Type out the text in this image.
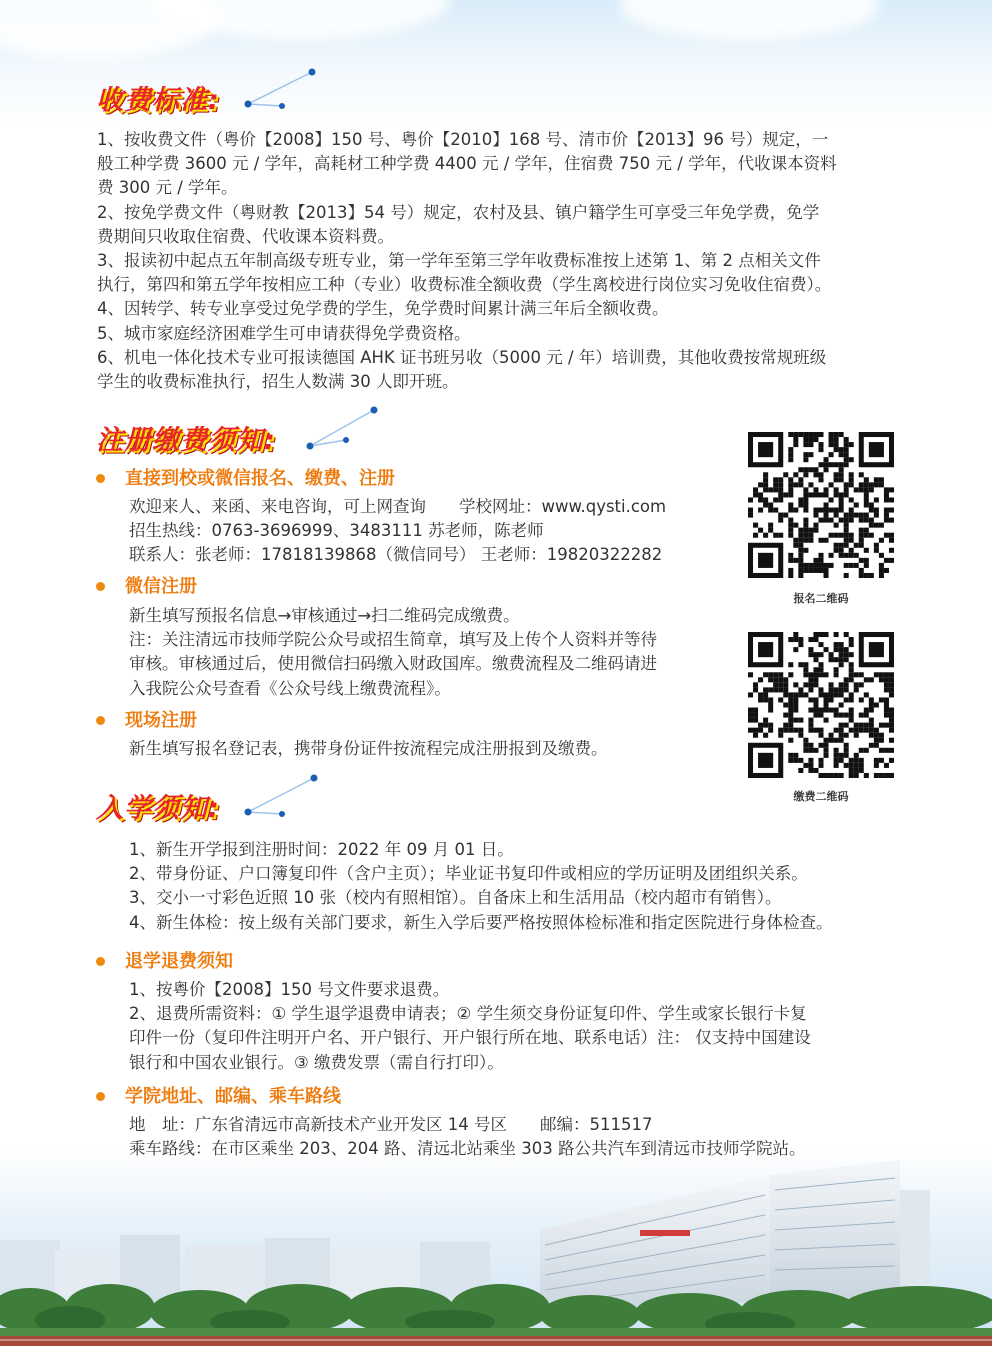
收费标准:

1、按收费文件（粤价【2008】150 号、粤价【2010】168 号、清市价【2013】96 号）规定，一

般工种学费 3600 元 / 学年，高耗材工种学费 4400 元 / 学年，住宿费 750 元 / 学年，代收课本资料

费 300 元 / 学年。

2、按免学费文件（粤财教【2013】54 号）规定，农村及县、镇户籍学生可享受三年免学费，免学

费期间只收取住宿费、代收课本资料费。

3、报读初中起点五年制高级专班专业，第一学年至第三学年收费标准按上述第 1、第 2 点相关文件

执行，第四和第五学年按相应工种（专业）收费标准全额收费（学生离校进行岗位实习免收住宿费）。

4、因转学、转专业享受过免学费的学生，免学费时间累计满三年后全额收费。

5、城市家庭经济困难学生可申请获得免学费资格。

6、机电一体化技术专业可报读德国 AHK 证书班另收（5000 元 / 年）培训费，其他收费按常规班级

学生的收费标准执行，招生人数满 30 人即开班。

注册缴费须知:
直接到校或微信报名、缴费、注册

欢迎来人、来函、来电咨询，可上网查询　　学校网址：www.qysti.com

招生热线：0763-3696999、3483111 苏老师，陈老师

联系人：张老师：17818139868（微信同号） 王老师：19820322282

微信注册

新生填写预报名信息→审核通过→扫二维码完成缴费。

注：关注清远市技师学院公众号或招生简章，填写及上传个人资料并等待

审核。审核通过后，使用微信扫码缴入财政国库。缴费流程及二维码请进

入我院公众号查看《公众号线上缴费流程》。

现场注册

新生填写报名登记表，携带身份证件按流程完成注册报到及缴费。

报名二维码
缴费二维码
入学须知:

1、新生开学报到注册时间：2022 年 09 月 01 日。

2、带身份证、户口簿复印件（含户主页）；毕业证书复印件或相应的学历证明及团组织关系。

3、交小一寸彩色近照 10 张（校内有照相馆）。自备床上和生活用品（校内超市有销售）。

4、新生体检：按上级有关部门要求，新生入学后要严格按照体检标准和指定医院进行身体检查。

退学退费须知

1、按粤价【2008】150 号文件要求退费。

2、退费所需资料：① 学生退学退费申请表；② 学生须交身份证复印件、学生或家长银行卡复

印件一份（复印件注明开户名、开户银行、开户银行所在地、联系电话）注： 仅支持中国建设

银行和中国农业银行。③ 缴费发票（需自行打印）。

学院地址、邮编、乘车路线

地　址：广东省清远市高新技术产业开发区 14 号区　　邮编：511517

乘车路线：在市区乘坐 203、204 路、清远北站乘坐 303 路公共汽车到清远市技师学院站。
